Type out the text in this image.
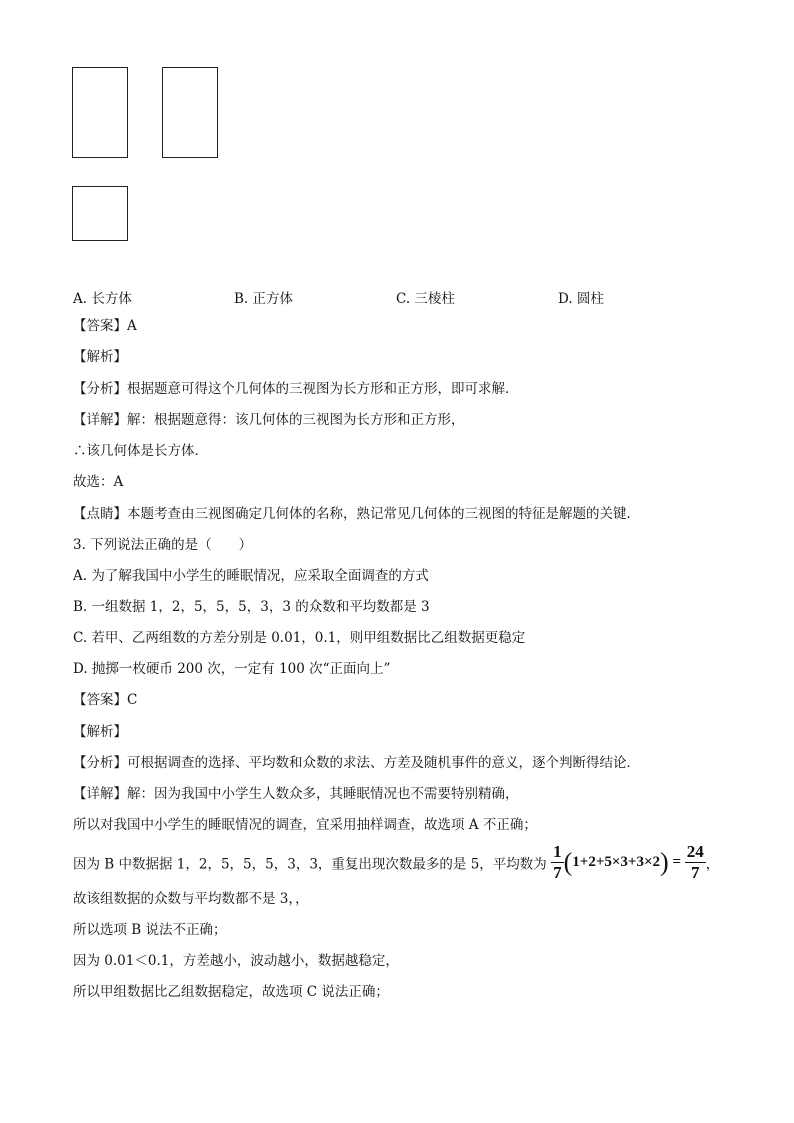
A. 长方体	B. 正方体	C. 三棱柱	D. 圆柱
【答案】A
【解析】
【分析】根据题意可得这个几何体的三视图为长方形和正方形，即可求解．
【详解】解：根据题意得：该几何体的三视图为长方形和正方形，
∴该几何体是长方体．
故选：A
【点睛】本题考查由三视图确定几何体的名称，熟记常见几何体的三视图的特征是解题的关键．
3. 下列说法正确的是（　　）
A. 为了解我国中小学生的睡眠情况，应采取全面调查的方式
B. 一组数据 1，2，5，5，5，3，3 的众数和平均数都是 3
C. 若甲、乙两组数的方差分别是 0.01，0.1，则甲组数据比乙组数据更稳定
D. 抛掷一枚硬币 200 次，一定有 100 次“正面向上”
【答案】C
【解析】
【分析】可根据调查的选择、平均数和众数的求法、方差及随机事件的意义，逐个判断得结论．
【详解】解：因为我国中小学生人数众多，其睡眠情况也不需要特别精确，
所以对我国中小学生的睡眠情况的调查，宜采用抽样调查，故选项 A 不正确；
因为 B 中数据据 1，2，5，5，5，3，3，重复出现次数最多的是 5，平均数为 $\frac{1}{7} (1+2+5\times 3+3\times 2) = \frac{24}{7}$ ，
故该组数据的众数与平均数都不是 3，，
所以选项 B 说法不正确；
因为 0.01＜0.1，方差越小，波动越小，数据越稳定，
所以甲组数据比乙组数据稳定，故选项 C 说法正确；
